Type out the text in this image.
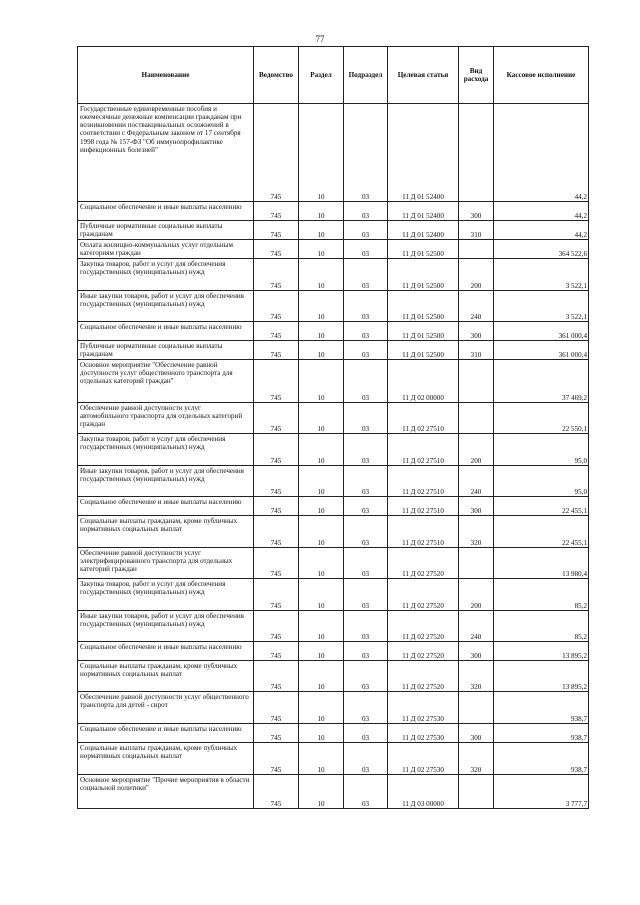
77
Наименование	Ведомство	Раздел	Подраздел	Целевая статья	Вид расхода	Кассовое исполнение
Государственные единовременные пособия и ежемесячные денежные компенсации гражданам при возникновении поствакцинальных осложнений в соответствии с Федеральным законом от 17 сентября 1998 года № 157-ФЗ "Об иммунопрофилактике инфекционных болезней"	745	10	03	11 Д 01 52400		44,2
Социальное обеспечение и иные выплаты населению	745	10	03	11 Д 01 52400	300	44,2
Публичные нормативные социальные выплаты гражданам	745	10	03	11 Д 01 52400	310	44,2
Оплата жилищно-коммунальных услуг отдельным категориям граждан	745	10	03	11 Д 01 52500		364 522,6
Закупка товаров, работ и услуг для обеспечения государственных (муниципальных) нужд	745	10	03	11 Д 01 52500	200	3 522,1
Иные закупки товаров, работ и услуг для обеспечения государственных (муниципальных) нужд	745	10	03	11 Д 01 52500	240	3 522,1
Социальное обеспечение и иные выплаты населению	745	10	03	11 Д 01 52500	300	361 000,4
Публичные нормативные социальные выплаты гражданам	745	10	03	11 Д 01 52500	310	361 000,4
Основное мероприятие "Обеспечение равной доступности услуг общественного транспорта для отдельных категорий граждан"	745	10	03	11 Д 02 00000		37 469,2
Обеспечение равной доступности услуг автомобильного транспорта для отдельных категорий граждан	745	10	03	11 Д 02 27510		22 550,1
Закупка товаров, работ и услуг для обеспечения государственных (муниципальных) нужд	745	10	03	11 Д 02 27510	200	95,0
Иные закупки товаров, работ и услуг для обеспечения государственных (муниципальных) нужд	745	10	03	11 Д 02 27510	240	95,0
Социальное обеспечение и иные выплаты населению	745	10	03	11 Д 02 27510	300	22 455,1
Социальные выплаты гражданам, кроме публичных нормативных социальных выплат	745	10	03	11 Д 02 27510	320	22 455,1
Обеспечение равной доступности услуг электрифицированного транспорта для отдельных категорий граждан	745	10	03	11 Д 02 27520		13 980,4
Закупка товаров, работ и услуг для обеспечения государственных (муниципальных) нужд	745	10	03	11 Д 02 27520	200	85,2
Иные закупки товаров, работ и услуг для обеспечения государственных (муниципальных) нужд	745	10	03	11 Д 02 27520	240	85,2
Социальное обеспечение и иные выплаты населению	745	10	03	11 Д 02 27520	300	13 895,2
Социальные выплаты гражданам, кроме публичных нормативных социальных выплат	745	10	03	11 Д 02 27520	320	13 895,2
Обеспечение равной доступности услуг общественного транспорта для детей - сирот	745	10	03	11 Д 02 27530		938,7
Социальное обеспечение и иные выплаты населению	745	10	03	11 Д 02 27530	300	938,7
Социальные выплаты гражданам, кроме публичных нормативных социальных выплат	745	10	03	11 Д 02 27530	320	938,7
Основное мероприятие "Прочие мероприятия в области социальной политики"	745	10	03	11 Д 03 00000		3 777,7
